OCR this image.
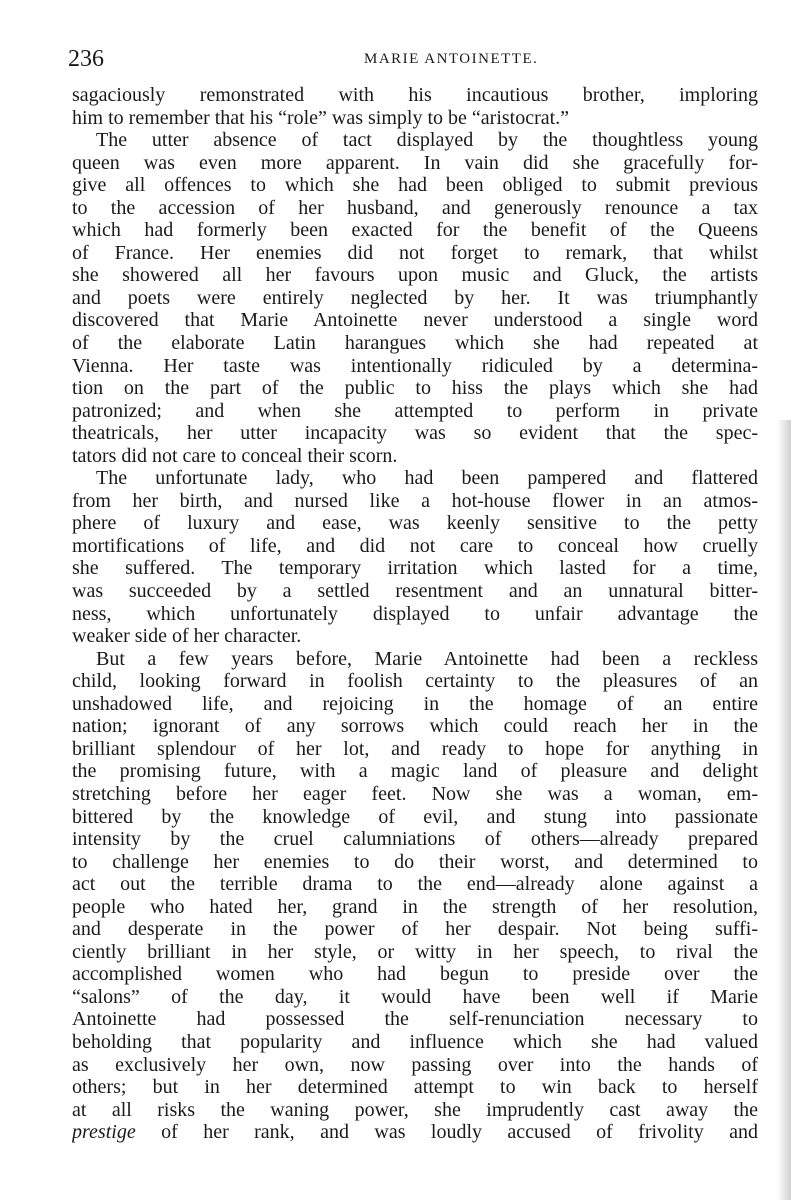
236	MARIE ANTOINETTE.
sagaciously remonstrated with his incautious brother, imploring
him to remember that his “role” was simply to be “aristocrat.”
The utter absence of tact displayed by the thoughtless young
queen was even more apparent. In vain did she gracefully for-
give all offences to which she had been obliged to submit previous
to the accession of her husband, and generously renounce a tax
which had formerly been exacted for the benefit of the Queens
of France. Her enemies did not forget to remark, that whilst
she showered all her favours upon music and Gluck, the artists
and poets were entirely neglected by her. It was triumphantly
discovered that Marie Antoinette never understood a single word
of the elaborate Latin harangues which she had repeated at
Vienna. Her taste was intentionally ridiculed by a determina-
tion on the part of the public to hiss the plays which she had
patronized; and when she attempted to perform in private
theatricals, her utter incapacity was so evident that the spec-
tators did not care to conceal their scorn.
The unfortunate lady, who had been pampered and flattered
from her birth, and nursed like a hot-house flower in an atmos-
phere of luxury and ease, was keenly sensitive to the petty
mortifications of life, and did not care to conceal how cruelly
she suffered. The temporary irritation which lasted for a time,
was succeeded by a settled resentment and an unnatural bitter-
ness, which unfortunately displayed to unfair advantage the
weaker side of her character.
But a few years before, Marie Antoinette had been a reckless
child, looking forward in foolish certainty to the pleasures of an
unshadowed life, and rejoicing in the homage of an entire
nation; ignorant of any sorrows which could reach her in the
brilliant splendour of her lot, and ready to hope for anything in
the promising future, with a magic land of pleasure and delight
stretching before her eager feet. Now she was a woman, em-
bittered by the knowledge of evil, and stung into passionate
intensity by the cruel calumniations of others—already prepared
to challenge her enemies to do their worst, and determined to
act out the terrible drama to the end—already alone against a
people who hated her, grand in the strength of her resolution,
and desperate in the power of her despair. Not being suffi-
ciently brilliant in her style, or witty in her speech, to rival the
accomplished women who had begun to preside over the
“salons” of the day, it would have been well if Marie
Antoinette had possessed the self-renunciation necessary to
beholding that popularity and influence which she had valued
as exclusively her own, now passing over into the hands of
others; but in her determined attempt to win back to herself
at all risks the waning power, she imprudently cast away the
prestige of her rank, and was loudly accused of frivolity and
